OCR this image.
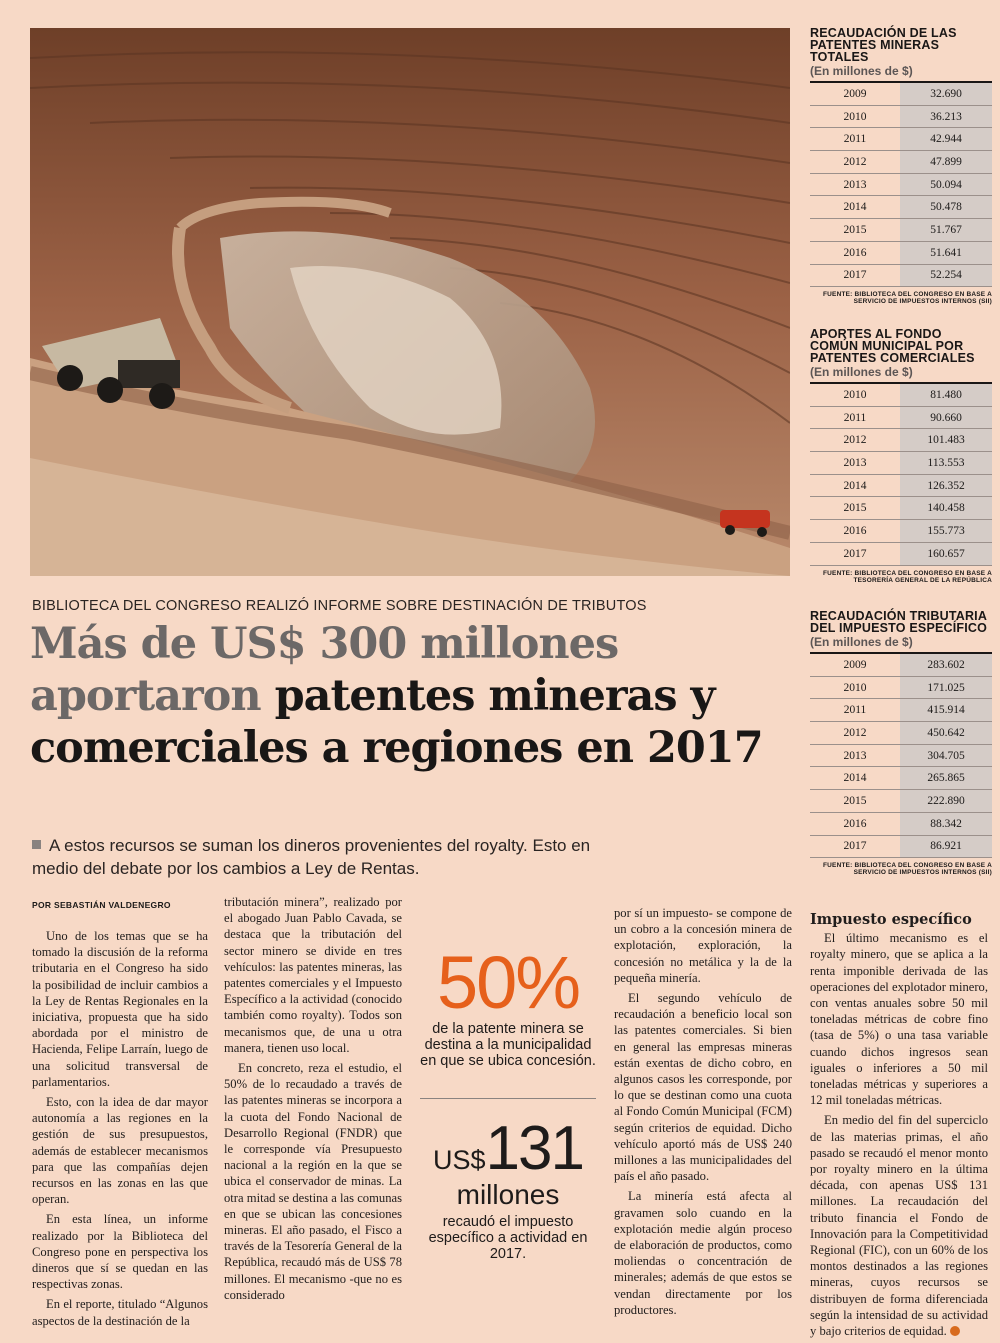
BIBLIOTECA DEL CONGRESO REALIZÓ INFORME SOBRE DESTINACIÓN DE TRIBUTOS
Más de US$ 300 millones
aportaron patentes mineras y
comerciales a regiones en 2017
A estos recursos se suman los dineros provenientes del royalty. Esto en medio del debate por los cambios a Ley de Rentas.
POR SEBASTIÁN VALDENEGRO

Uno de los temas que se ha tomado la discusión de la reforma tributaria en el Congreso ha sido la posibilidad de incluir cambios a la Ley de Rentas Regionales en la iniciativa, propuesta que ha sido abordada por el ministro de Hacienda, Felipe Larraín, luego de una solicitud transversal de parlamentarios.

Esto, con la idea de dar mayor autonomía a las regiones en la gestión de sus presupuestos, además de establecer mecanismos para que las compañías dejen recursos en las zonas en las que operan.

En esta línea, un informe realizado por la Biblioteca del Congreso pone en perspectiva los dineros que sí se quedan en las respectivas zonas.

En el reporte, titulado “Algunos aspectos de la destinación de la

tributación minera”, realizado por el abogado Juan Pablo Cavada, se destaca que la tributación del sector minero se divide en tres vehículos: las patentes mineras, las patentes comerciales y el Impuesto Específico a la actividad (conocido también como royalty). Todos son mecanismos que, de una u otra manera, tienen uso local.

En concreto, reza el estudio, el 50% de lo recaudado a través de las patentes mineras se incorpora a la cuota del Fondo Nacional de Desarrollo Regional (FNDR) que le corresponde vía Presupuesto nacional a la región en la que se ubica el conservador de minas. La otra mitad se destina a las comunas en que se ubican las concesiones mineras. El año pasado, el Fisco a través de la Tesorería General de la República, recaudó más de US$ 78 millones. El mecanismo -que no es considerado

50%
de la patente minera se destina a la municipalidad en que se ubica concesión.
US$131
millones
recaudó el impuesto específico a actividad en 2017.

por sí un impuesto- se compone de un cobro a la concesión minera de explotación, exploración, la concesión no metálica y la de la pequeña minería.

El segundo vehículo de recaudación a beneficio local son las patentes comerciales. Si bien en general las empresas mineras están exentas de dicho cobro, en algunos casos les corresponde, por lo que se destinan como una cuota al Fondo Común Municipal (FCM) según criterios de equidad. Dicho vehículo aportó más de US$ 240 millones a las municipalidades del país el año pasado.

La minería está afecta al gravamen solo cuando en la explotación medie algún proceso de elaboración de productos, como moliendas o concentración de minerales; además de que estos se vendan directamente por los productores.

Impuesto específico

El último mecanismo es el royalty minero, que se aplica a la renta imponible derivada de las operaciones del explotador minero, con ventas anuales sobre 50 mil toneladas métricas de cobre fino (tasa de 5%) o una tasa variable cuando dichos ingresos sean iguales o inferiores a 50 mil toneladas métricas y superiores a 12 mil toneladas métricas.

En medio del fin del superciclo de las materias primas, el año pasado se recaudó el menor monto por royalty minero en la última década, con apenas US$ 131 millones. La recaudación del tributo financia el Fondo de Innovación para la Competitividad Regional (FIC), con un 60% de los montos destinados a las regiones mineras, cuyos recursos se distribuyen de forma diferenciada según la intensidad de su actividad y bajo criterios de equidad.

RECAUDACIÓN DE LAS PATENTES MINERAS TOTALES
(En millones de $)
2009	32.690
2010	36.213
2011	42.944
2012	47.899
2013	50.094
2014	50.478
2015	51.767
2016	51.641
2017	52.254
FUENTE: BIBLIOTECA DEL CONGRESO EN BASE A SERVICIO DE IMPUESTOS INTERNOS (SII)
APORTES AL FONDO COMÚN MUNICIPAL POR PATENTES COMERCIALES
(En millones de $)
2010	81.480
2011	90.660
2012	101.483
2013	113.553
2014	126.352
2015	140.458
2016	155.773
2017	160.657
FUENTE: BIBLIOTECA DEL CONGRESO EN BASE A TESORERÍA GENERAL DE LA REPÚBLICA
RECAUDACIÓN TRIBUTARIA DEL IMPUESTO ESPECÍFICO
(En millones de $)
2009	283.602
2010	171.025
2011	415.914
2012	450.642
2013	304.705
2014	265.865
2015	222.890
2016	88.342
2017	86.921
FUENTE: BIBLIOTECA DEL CONGRESO EN BASE A SERVICIO DE IMPUESTOS INTERNOS (SII)
